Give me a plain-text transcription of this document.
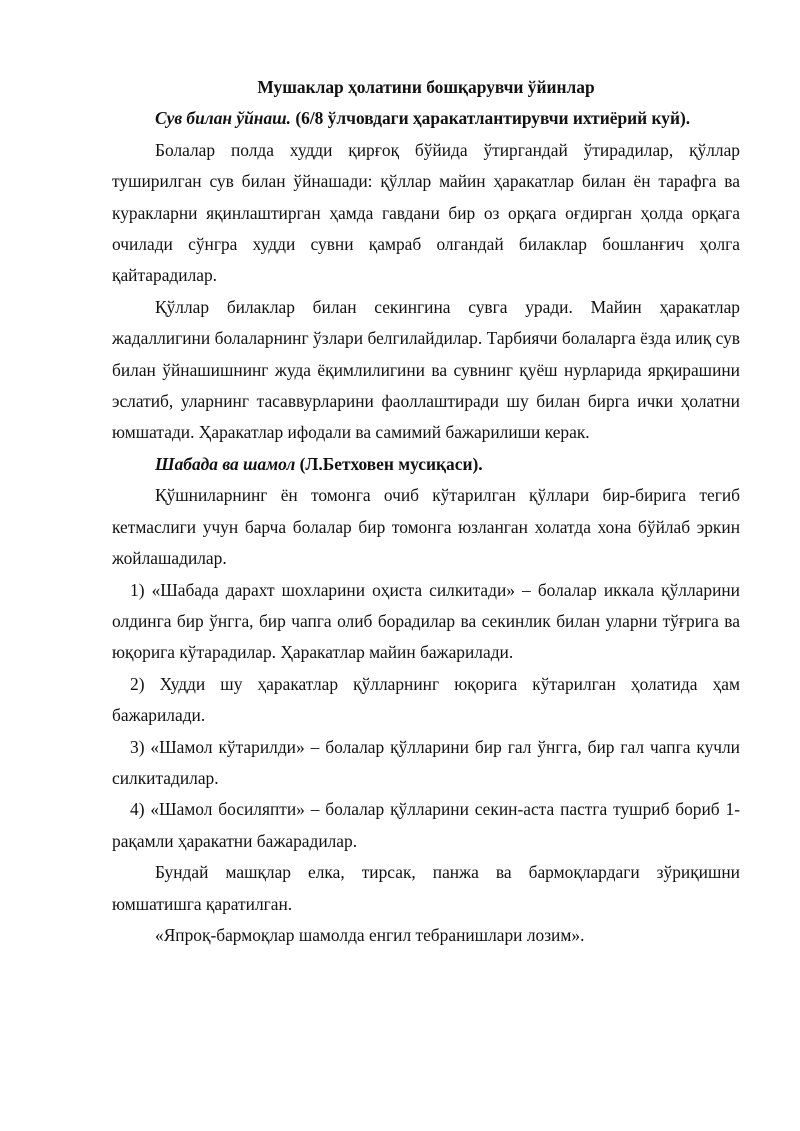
Мушаклар ҳолатини бошқарувчи ўйинлар

Сув билан ўйнаш. (6/8 ўлчовдаги ҳаракатлантирувчи ихтиёрий куй).

Болалар полда худди қирғоқ бўйида ўтиргандай ўтирадилар, қўллар туширилган сув билан ўйнашади: қўллар майин ҳаракатлар билан ён тарафга ва куракларни яқинлаштирган ҳамда гавдани бир оз орқага оғдирган ҳолда орқага очилади сўнгра худди сувни қамраб олгандай билаклар бошланғич ҳолга қайтарадилар.

Қўллар билаклар билан секингина сувга уради. Майин ҳаракатлар жадаллигини болаларнинг ўзлари белгилайдилар. Тарбиячи болаларга ёзда илиқ сув билан ўйнашишнинг жуда ёқимлилигини ва сувнинг қуёш нурларида ярқирашини эслатиб, уларнинг тасаввурларини фаоллаштиради шу билан бирга ички ҳолатни юмшатади. Ҳаракатлар ифодали ва самимий бажарилиши керак.

Шабада ва шамол (Л.Бетховен мусиқаси).

Қўшниларнинг ён томонга очиб кўтарилган қўллари бир-бирига тегиб кетмаслиги учун барча болалар бир томонга юзланган холатда хона бўйлаб эркин жойлашадилар.

1) «Шабада дарахт шохларини оҳиста силкитади» – болалар иккала қўлларини олдинга бир ўнгга, бир чапга олиб борадилар ва секинлик билан уларни тўғрига ва юқорига кўтарадилар. Ҳаракатлар майин бажарилади.

2) Худди шу ҳаракатлар қўлларнинг юқорига кўтарилган ҳолатида ҳам бажарилади.

3) «Шамол кўтарилди» – болалар қўлларини бир гал ўнгга, бир гал чапга кучли силкитадилар.

4) «Шамол босиляпти» – болалар қўлларини секин-аста пастга тушриб бориб 1-рақамли ҳаракатни бажарадилар.

Бундай машқлар елка, тирсак, панжа ва бармоқлардаги зўриқишни юмшатишга қаратилган.

«Япроқ-бармоқлар шамолда енгил тебранишлари лозим».
